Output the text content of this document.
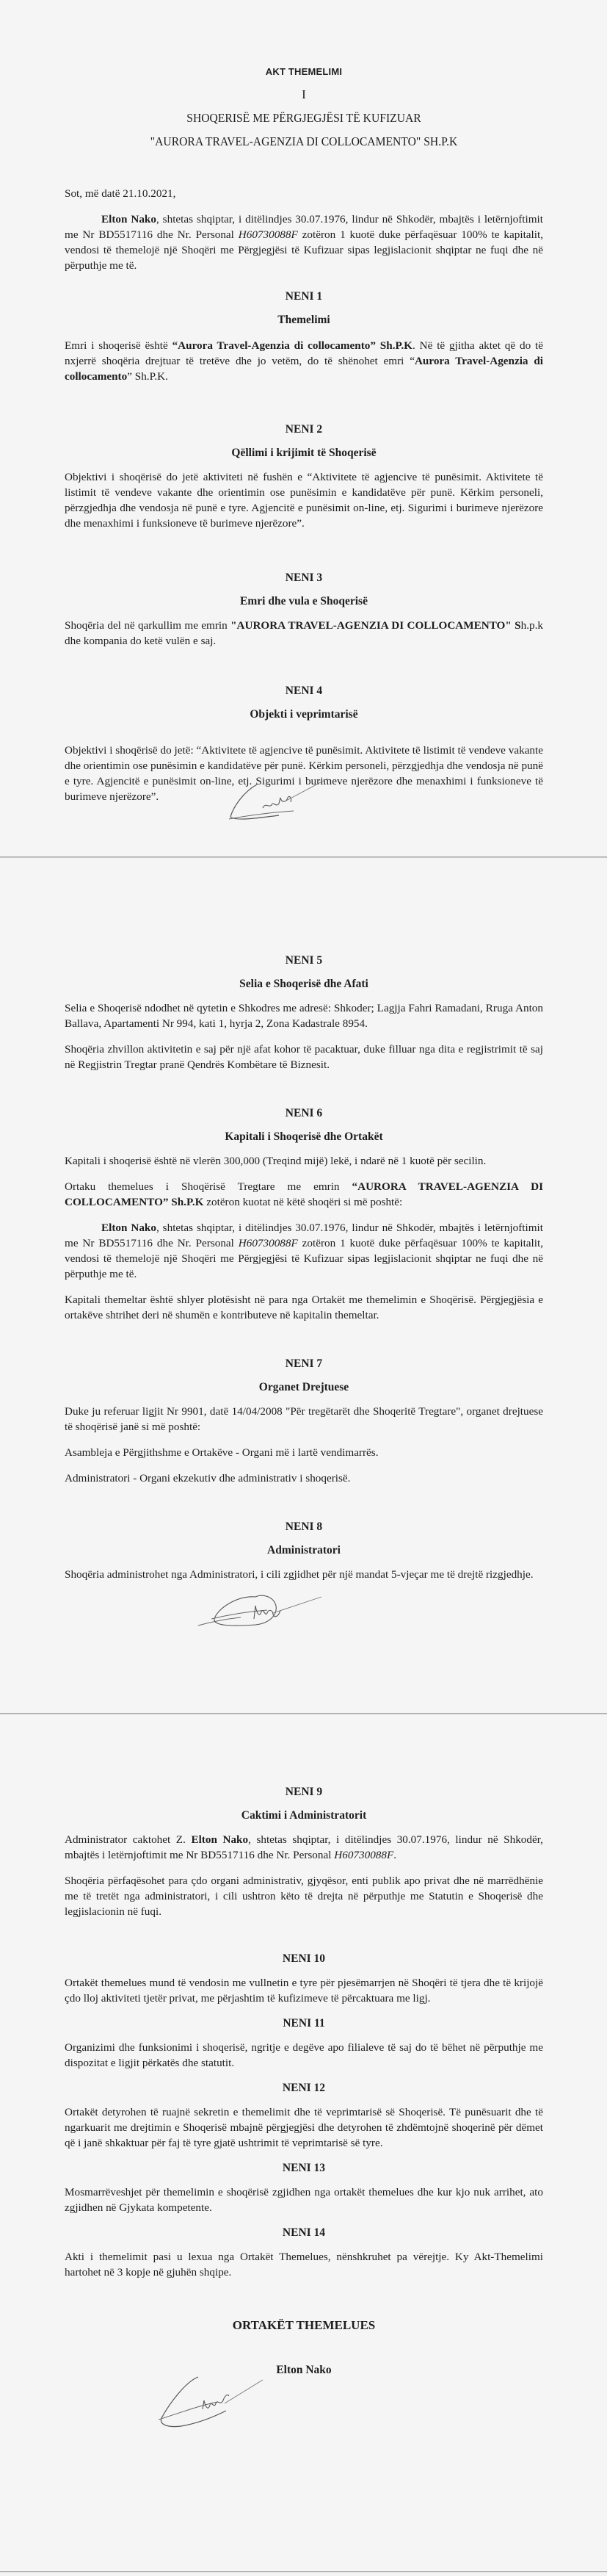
AKT THEMELIMI
I
SHOQERISË ME PËRGJEGJËSI TË KUFIZUAR
"AURORA TRAVEL-AGENZIA DI COLLOCAMENTO" SH.P.K

Sot, më datë 21.10.2021,

Elton Nako, shtetas shqiptar, i ditëlindjes 30.07.1976, lindur në Shkodër, mbajtës i letërnjoftimit me Nr BD5517116 dhe Nr. Personal H60730088F zotëron 1 kuotë duke përfaqësuar 100% te kapitalit, vendosi të themelojë një Shoqëri me Përgjegjësi të Kufizuar sipas legjislacionit shqiptar ne fuqi dhe në përputhje me të.

NENI 1
Themelimi

Emri i shoqerisë është “Aurora Travel-Agenzia di collocamento” Sh.P.K. Në të gjitha aktet që do të nxjerrë shoqëria drejtuar të tretëve dhe jo vetëm, do të shënohet emri “Aurora Travel-Agenzia di collocamento” Sh.P.K.

NENI 2
Qëllimi i krijimit të Shoqerisë

Objektivi i shoqërisë do jetë aktiviteti në fushën e “Aktivitete të agjencive të punësimit. Aktivitete të listimit të vendeve vakante dhe orientimin ose punësimin e kandidatëve për punë. Kërkim personeli, përzgjedhja dhe vendosja në punë e tyre. Agjencitë e punësimit on-line, etj. Sigurimi i burimeve njerëzore dhe menaxhimi i funksioneve të burimeve njerëzore”.

NENI 3
Emri dhe vula e Shoqerisë

Shoqëria del në qarkullim me emrin "AURORA TRAVEL-AGENZIA DI COLLOCAMENTO" Sh.p.k dhe kompania do ketë vulën e saj.

NENI 4
Objekti i veprimtarisë

Objektivi i shoqërisë do jetë: “Aktivitete të agjencive të punësimit. Aktivitete të listimit të vendeve vakante dhe orientimin ose punësimin e kandidatëve për punë. Kërkim personeli, përzgjedhja dhe vendosja në punë e tyre. Agjencitë e punësimit on-line, etj. Sigurimi i burimeve njerëzore dhe menaxhimi i funksioneve të burimeve njerëzore”.

NENI 5
Selia e Shoqerisë dhe Afati

Selia e Shoqerisë ndodhet në qytetin e Shkodres me adresë: Shkoder; Lagjja Fahri Ramadani, Rruga Anton Ballava, Apartamenti Nr 994, kati 1, hyrja 2, Zona Kadastrale 8954.

Shoqëria zhvillon aktivitetin e saj për një afat kohor të pacaktuar, duke filluar nga dita e regjistrimit të saj në Regjistrin Tregtar pranë Qendrës Kombëtare të Biznesit.

NENI 6
Kapitali i Shoqerisë dhe Ortakët

Kapitali i shoqerisë është në vlerën 300,000 (Treqind mijë) lekë, i ndarë në 1 kuotë për secilin.

Ortaku themelues i Shoqërisë Tregtare me emrin “AURORA TRAVEL-AGENZIA DI COLLOCAMENTO” Sh.P.K zotëron kuotat në këtë shoqëri si më poshtë:

Elton Nako, shtetas shqiptar, i ditëlindjes 30.07.1976, lindur në Shkodër, mbajtës i letërnjoftimit me Nr BD5517116 dhe Nr. Personal H60730088F zotëron 1 kuotë duke përfaqësuar 100% te kapitalit, vendosi të themelojë një Shoqëri me Përgjegjësi të Kufizuar sipas legjislacionit shqiptar ne fuqi dhe në përputhje me të.

Kapitali themeltar është shlyer plotësisht në para nga Ortakët me themelimin e Shoqërisë. Përgjegjësia e ortakëve shtrihet deri në shumën e kontributeve në kapitalin themeltar.

NENI 7
Organet Drejtuese

Duke ju referuar ligjit Nr 9901, datë 14/04/2008 "Për tregëtarët dhe Shoqeritë Tregtare", organet drejtuese të shoqërisë janë si më poshtë:

Asambleja e Përgjithshme e Ortakëve - Organi më i lartë vendimarrës.

Administratori - Organi ekzekutiv dhe administrativ i shoqerisë.

NENI 8
Administratori

Shoqëria administrohet nga Administratori, i cili zgjidhet për një mandat 5-vjeçar me të drejtë rizgjedhje.

NENI 9
Caktimi i Administratorit

Administrator caktohet Z. Elton Nako, shtetas shqiptar, i ditëlindjes 30.07.1976, lindur në Shkodër, mbajtës i letërnjoftimit me Nr BD5517116 dhe Nr. Personal H60730088F.

Shoqëria përfaqësohet para çdo organi administrativ, gjyqësor, enti publik apo privat dhe në marrëdhënie me të tretët nga administratori, i cili ushtron këto të drejta në përputhje me Statutin e Shoqerisë dhe legjislacionin në fuqi.

NENI 10

Ortakët themelues mund të vendosin me vullnetin e tyre për pjesëmarrjen në Shoqëri të tjera dhe të krijojë çdo lloj aktiviteti tjetër privat, me përjashtim të kufizimeve të përcaktuara me ligj.

NENI 11

Organizimi dhe funksionimi i shoqerisë, ngritje e degëve apo filialeve të saj do të bëhet në përputhje me dispozitat e ligjit përkatës dhe statutit.

NENI 12

Ortakët detyrohen të ruajnë sekretin e themelimit dhe të veprimtarisë së Shoqerisë. Të punësuarit dhe të ngarkuarit me drejtimin e Shoqerisë mbajnë përgjegjësi dhe detyrohen të zhdëmtojnë shoqerinë për dëmet që i janë shkaktuar për faj të tyre gjatë ushtrimit të veprimtarisë së tyre.

NENI 13

Mosmarrëveshjet për themelimin e shoqërisë zgjidhen nga ortakët themelues dhe kur kjo nuk arrihet, ato zgjidhen në Gjykata kompetente.

NENI 14

Akti i themelimit pasi u lexua nga Ortakët Themelues, nënshkruhet pa vërejtje. Ky Akt-Themelimi hartohet në 3 kopje në gjuhën shqipe.

ORTAKËT THEMELUES
Elton Nako
